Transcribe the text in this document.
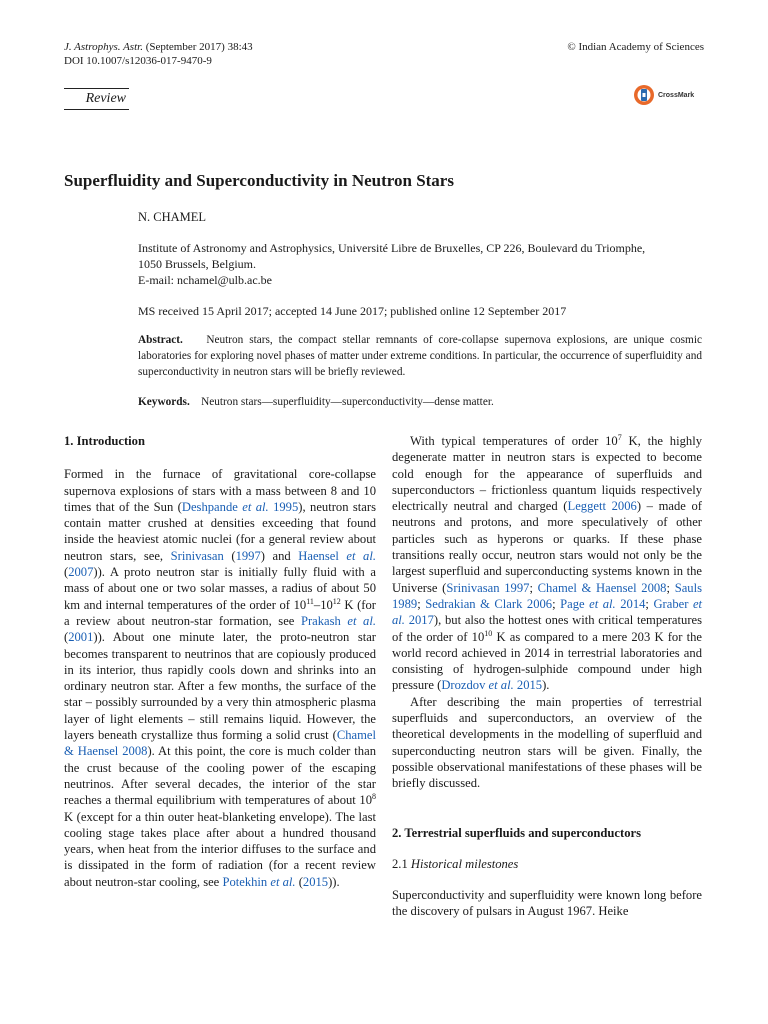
J. Astrophys. Astr. (September 2017) 38:43
DOI 10.1007/s12036-017-9470-9
© Indian Academy of Sciences
Review	CrossMark
Superfluidity and Superconductivity in Neutron Stars
N. CHAMEL
Institute of Astronomy and Astrophysics, Université Libre de Bruxelles, CP 226, Boulevard du Triomphe,
1050 Brussels, Belgium.
E-mail: nchamel@ulb.ac.be
MS received 15 April 2017; accepted 14 June 2017; published online 12 September 2017
Abstract. Neutron stars, the compact stellar remnants of core-collapse supernova explosions, are unique cosmic laboratories for exploring novel phases of matter under extreme conditions. In particular, the occurrence of superfluidity and superconductivity in neutron stars will be briefly reviewed.
Keywords. Neutron stars—superfluidity—superconductivity—dense matter.

1. Introduction

Formed in the furnace of gravitational core-collapse supernova explosions of stars with a mass between 8 and 10 times that of the Sun (Deshpande et al. 1995), neutron stars contain matter crushed at densities exceeding that found inside the heaviest atomic nuclei (for a general review about neutron stars, see, Srinivasan (1997) and Haensel et al. (2007)). A proto neutron star is initially fully fluid with a mass of about one or two solar masses, a radius of about 50 km and internal temperatures of the order of $10^{11}-10^{12}$ K (for a review about neutron-star formation, see Prakash et al. (2001)). About one minute later, the proto-neutron star becomes transparent to neutrinos that are copiously produced in its interior, thus rapidly cools down and shrinks into an ordinary neutron star. After a few months, the surface of the star – possibly surrounded by a very thin atmospheric plasma layer of light elements – still remains liquid. However, the layers beneath crystallize thus forming a solid crust (Chamel & Haensel 2008). At this point, the core is much colder than the crust because of the cooling power of the escaping neutrinos. After several decades, the interior of the star reaches a thermal equilibrium with temperatures of about $10^8$ K (except for a thin outer heat-blanketing envelope). The last cooling stage takes place after about a hundred thousand years, when heat from the interior diffuses to the surface and is dissipated in the form of radiation (for a recent review about neutron-star cooling, see Potekhin et al. (2015)).

With typical temperatures of order $10^7$ K, the highly degenerate matter in neutron stars is expected to become cold enough for the appearance of superfluids and superconductors – frictionless quantum liquids respectively electrically neutral and charged (Leggett 2006) – made of neutrons and protons, and more speculatively of other particles such as hyperons or quarks. If these phase transitions really occur, neutron stars would not only be the largest superfluid and superconducting systems known in the Universe (Srinivasan 1997; Chamel & Haensel 2008; Sauls 1989; Sedrakian & Clark 2006; Page et al. 2014; Graber et al. 2017), but also the hottest ones with critical temperatures of the order of $10^{10}$ K as compared to a mere 203 K for the world record achieved in 2014 in terrestrial laboratories and consisting of hydrogen-sulphide compound under high pressure (Drozdov et al. 2015).

After describing the main properties of terrestrial superfluids and superconductors, an overview of the theoretical developments in the modelling of superfluid and superconducting neutron stars will be given. Finally, the possible observational manifestations of these phases will be briefly discussed.

2. Terrestrial superfluids and superconductors

2.1 Historical milestones

Superconductivity and superfluidity were known long before the discovery of pulsars in August 1967. Heike
